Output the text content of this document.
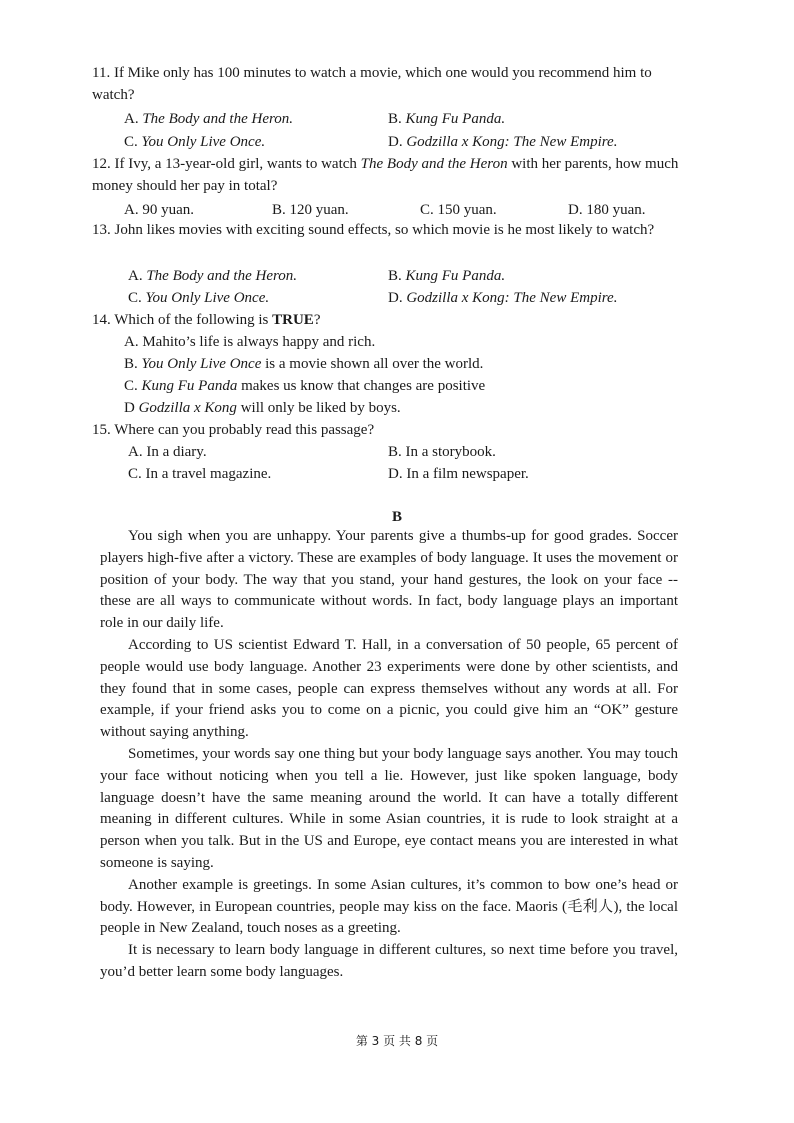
11. If Mike only has 100 minutes to watch a movie, which one would you recommend him to watch?
A. The Body and the Heron.	B. Kung Fu Panda.
C. You Only Live Once.	D. Godzilla x Kong: The New Empire.
12. If Ivy, a 13-year-old girl, wants to watch The Body and the Heron with her parents, how much money should her pay in total?
A. 90 yuan.	B. 120 yuan.	C. 150 yuan.	D. 180 yuan.
13. John likes movies with exciting sound effects, so which movie is he most likely to watch?
A. The Body and the Heron.	B. Kung Fu Panda.
C. You Only Live Once.	D. Godzilla x Kong: The New Empire.
14. Which of the following is TRUE?
A. Mahito’s life is always happy and rich.
B. You Only Live Once is a movie shown all over the world.
C. Kung Fu Panda makes us know that changes are positive
D Godzilla x Kong will only be liked by boys.
15. Where can you probably read this passage?
A. In a diary.	B. In a storybook.
C. In a travel magazine.	D. In a film newspaper.
B

You sigh when you are unhappy. Your parents give a thumbs-up for good grades. Soccer players high-five after a victory. These are examples of body language. It uses the movement or position of your body. The way that you stand, your hand gestures, the look on your face -- these are all ways to communicate without words. In fact, body language plays an important role in our daily life.

According to US scientist Edward T. Hall, in a conversation of 50 people, 65 percent of people would use body language. Another 23 experiments were done by other scientists, and they found that in some cases, people can express themselves without any words at all. For example, if your friend asks you to come on a picnic, you could give him an “OK” gesture without saying anything.

Sometimes, your words say one thing but your body language says another. You may touch your face without noticing when you tell a lie. However, just like spoken language, body language doesn’t have the same meaning around the world. It can have a totally different meaning in different cultures. While in some Asian countries, it is rude to look straight at a person when you talk. But in the US and Europe, eye contact means you are interested in what someone is saying.

Another example is greetings. In some Asian cultures, it’s common to bow one’s head or body. However, in European countries, people may kiss on the face. Maoris (毛利人), the local people in New Zealand, touch noses as a greeting.

It is necessary to learn body language in different cultures, so next time before you travel, you’d better learn some body languages.

第 3 页 共 8 页
